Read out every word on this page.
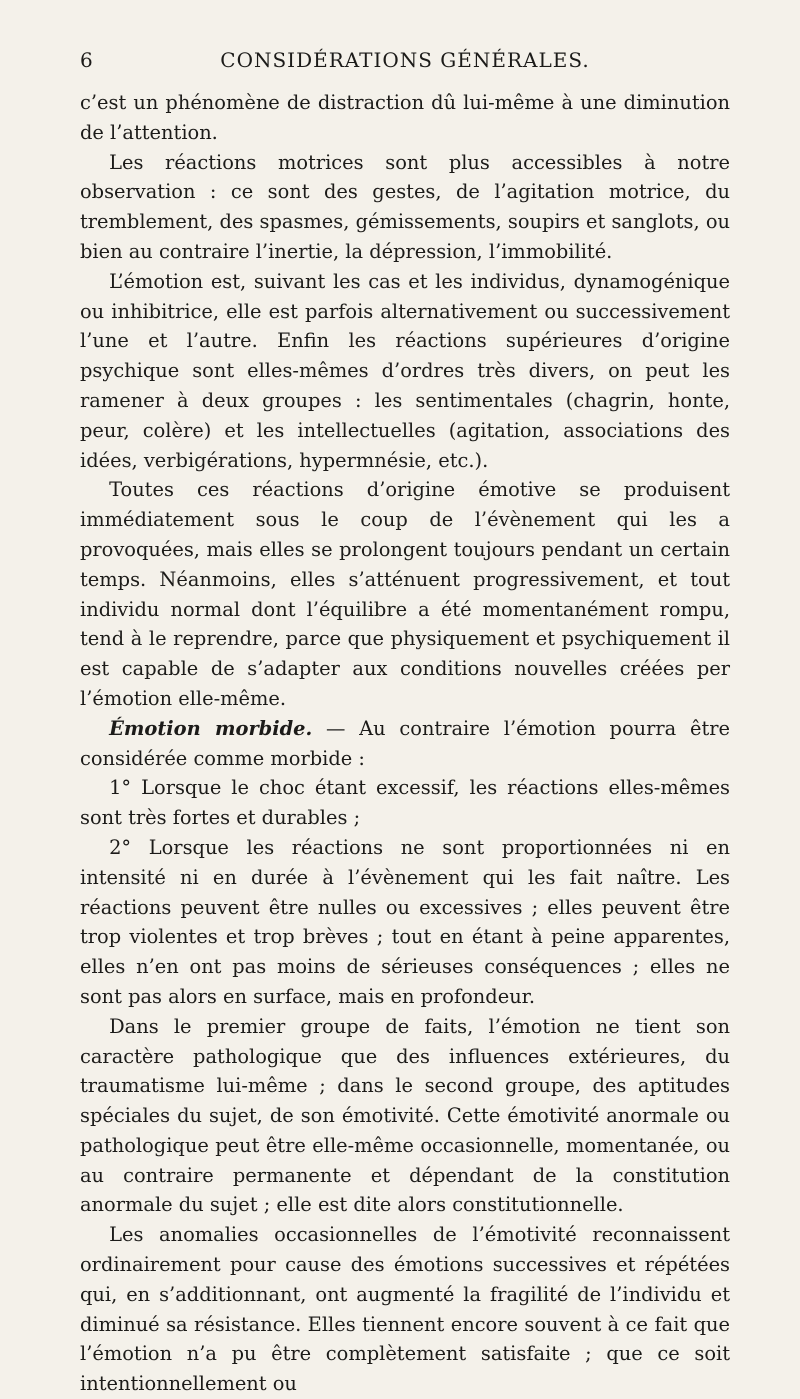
6	CONSIDÉRATIONS GÉNÉRALES.

c’est un phénomène de distraction dû lui-même à une diminution de l’attention.

Les réactions motrices sont plus accessibles à notre observation : ce sont des gestes, de l’agitation motrice, du tremblement, des spasmes, gémissements, soupirs et sanglots, ou bien au contraire l’inertie, la dépression, l’immobilité.

L’émotion est, suivant les cas et les individus, dynamogénique ou inhibitrice, elle est parfois alternativement ou successivement l’une et l’autre. Enfin les réactions supérieures d’origine psychique sont elles-mêmes d’ordres très divers, on peut les ramener à deux groupes : les sentimentales (chagrin, honte, peur, colère) et les intellectuelles (agitation, associations des idées, verbigérations, hypermnésie, etc.).

Toutes ces réactions d’origine émotive se produisent immédiatement sous le coup de l’évènement qui les a provoquées, mais elles se prolongent toujours pendant un certain temps. Néanmoins, elles s’atténuent progressivement, et tout individu normal dont l’équilibre a été momentanément rompu, tend à le reprendre, parce que physiquement et psychiquement il est capable de s’adapter aux conditions nouvelles créées per l’émotion elle-même.

Émotion morbide. — Au contraire l’émotion pourra être considérée comme morbide :

1° Lorsque le choc étant excessif, les réactions elles-mêmes sont très fortes et durables ;

2° Lorsque les réactions ne sont proportionnées ni en intensité ni en durée à l’évènement qui les fait naître. Les réactions peuvent être nulles ou excessives ; elles peuvent être trop violentes et trop brèves ; tout en étant à peine apparentes, elles n’en ont pas moins de sérieuses conséquences ; elles ne sont pas alors en surface, mais en profondeur.

Dans le premier groupe de faits, l’émotion ne tient son caractère pathologique que des influences extérieures, du traumatisme lui-même ; dans le second groupe, des aptitudes spéciales du sujet, de son émotivité. Cette émotivité anormale ou pathologique peut être elle-même occasionnelle, momentanée, ou au contraire permanente et dépendant de la constitution anormale du sujet ; elle est dite alors constitutionnelle.

Les anomalies occasionnelles de l’émotivité reconnaissent ordinairement pour cause des émotions successives et répétées qui, en s’additionnant, ont augmenté la fragilité de l’individu et diminué sa résistance. Elles tiennent encore souvent à ce fait que l’émotion n’a pu être complètement satisfaite ; que ce soit intentionnellement ou
